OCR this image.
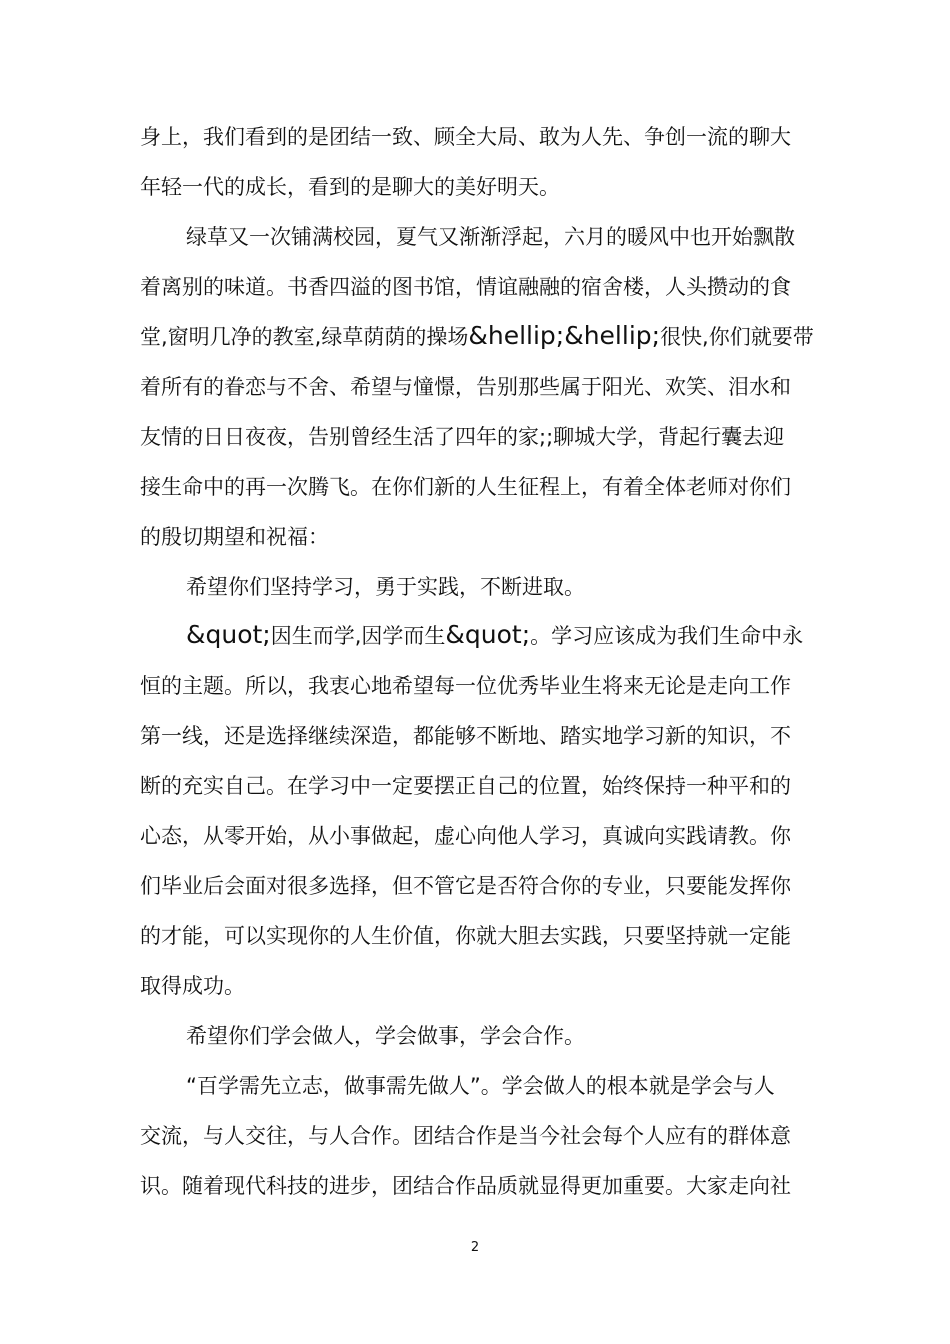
身上，我们看到的是团结一致、顾全大局、敢为人先、争创一流的聊大
年轻一代的成长，看到的是聊大的美好明天。
绿草又一次铺满校园，夏气又渐渐浮起，六月的暖风中也开始飘散
着离别的味道。书香四溢的图书馆，情谊融融的宿舍楼，人头攒动的食
堂,窗明几净的教室,绿草荫荫的操场&hellip;&hellip;很快,你们就要带
着所有的眷恋与不舍、希望与憧憬，告别那些属于阳光、欢笑、泪水和
友情的日日夜夜，告别曾经生活了四年的家;;聊城大学，背起行囊去迎
接生命中的再一次腾飞。在你们新的人生征程上，有着全体老师对你们
的殷切期望和祝福：
希望你们坚持学习，勇于实践，不断进取。
&quot;因生而学,因学而生&quot;。学习应该成为我们生命中永
恒的主题。所以，我衷心地希望每一位优秀毕业生将来无论是走向工作
第一线，还是选择继续深造，都能够不断地、踏实地学习新的知识，不
断的充实自己。在学习中一定要摆正自己的位置，始终保持一种平和的
心态，从零开始，从小事做起，虚心向他人学习，真诚向实践请教。你
们毕业后会面对很多选择，但不管它是否符合你的专业，只要能发挥你
的才能，可以实现你的人生价值，你就大胆去实践，只要坚持就一定能
取得成功。
希望你们学会做人，学会做事，学会合作。
“百学需先立志，做事需先做人”。学会做人的根本就是学会与人
交流，与人交往，与人合作。团结合作是当今社会每个人应有的群体意
识。随着现代科技的进步，团结合作品质就显得更加重要。大家走向社
2
